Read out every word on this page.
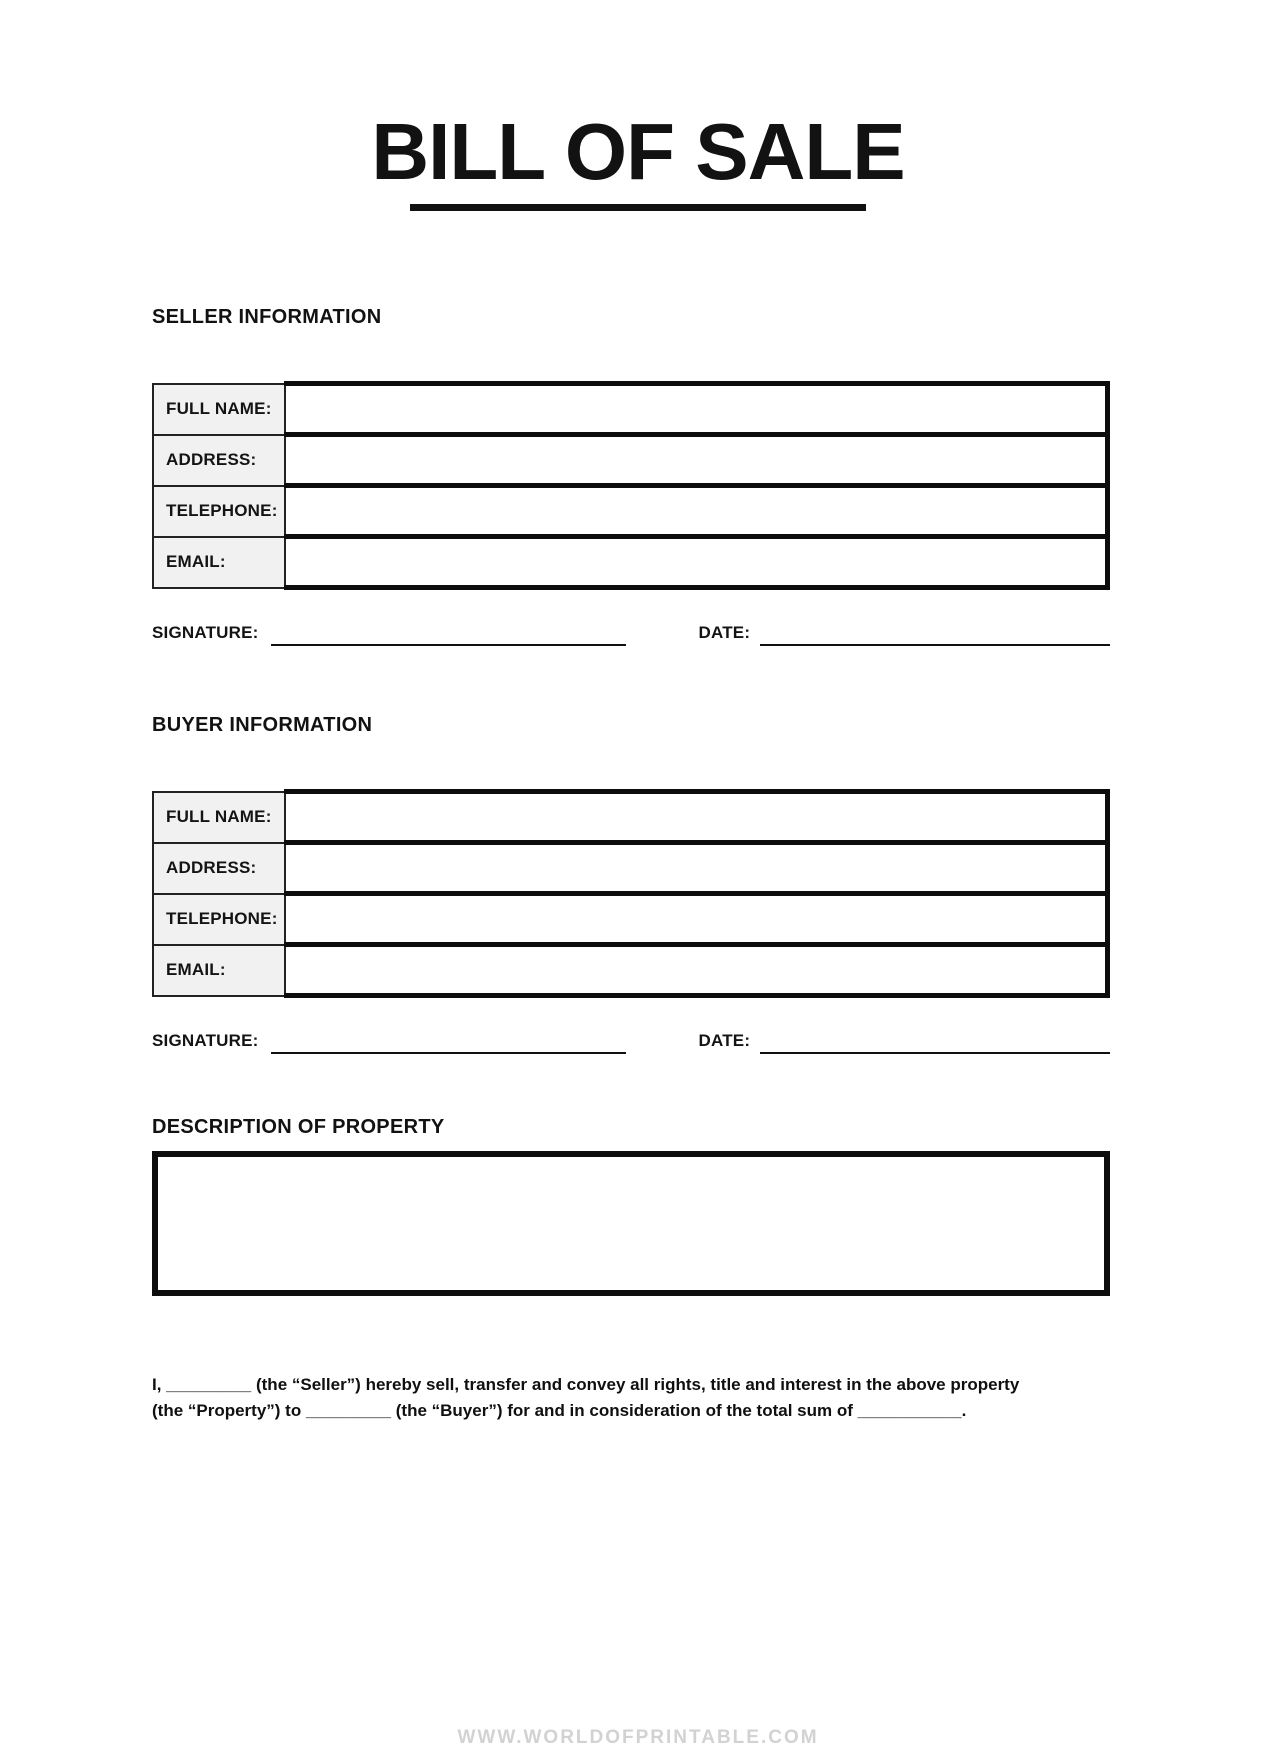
BILL OF SALE
SELLER INFORMATION
FULL NAME:	
ADDRESS:	
TELEPHONE:	
EMAIL:	
SIGNATURE:	DATE:
BUYER INFORMATION
FULL NAME:	
ADDRESS:	
TELEPHONE:	
EMAIL:	
SIGNATURE:	DATE:
DESCRIPTION OF PROPERTY
I, _________ (the “Seller”) hereby sell, transfer and convey all rights, title and interest in the above property
(the “Property”) to _________ (the “Buyer”) for and in consideration of the total sum of ___________.
WWW.WORLDOFPRINTABLE.COM
